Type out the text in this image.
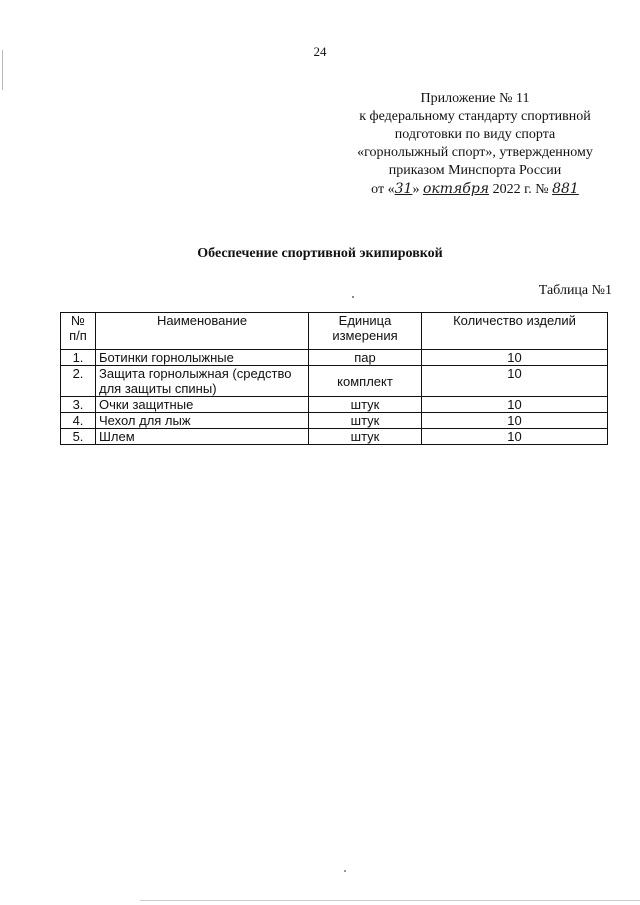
24
Приложение № 11
к федеральному стандарту спортивной
подготовки по виду спорта
«горнолыжный спорт», утвержденному
приказом Минспорта России
от «31» октября 2022 г. № 881
Обеспечение спортивной экипировкой
Таблица №1
№ п/п	Наименование	Единица измерения	Количество изделий
1.	Ботинки горнолыжные	пар	10
2.	Защита горнолыжная (средство для защиты спины)	комплект	10
3.	Очки защитные	штук	10
4.	Чехол для лыж	штук	10
5.	Шлем	штук	10
